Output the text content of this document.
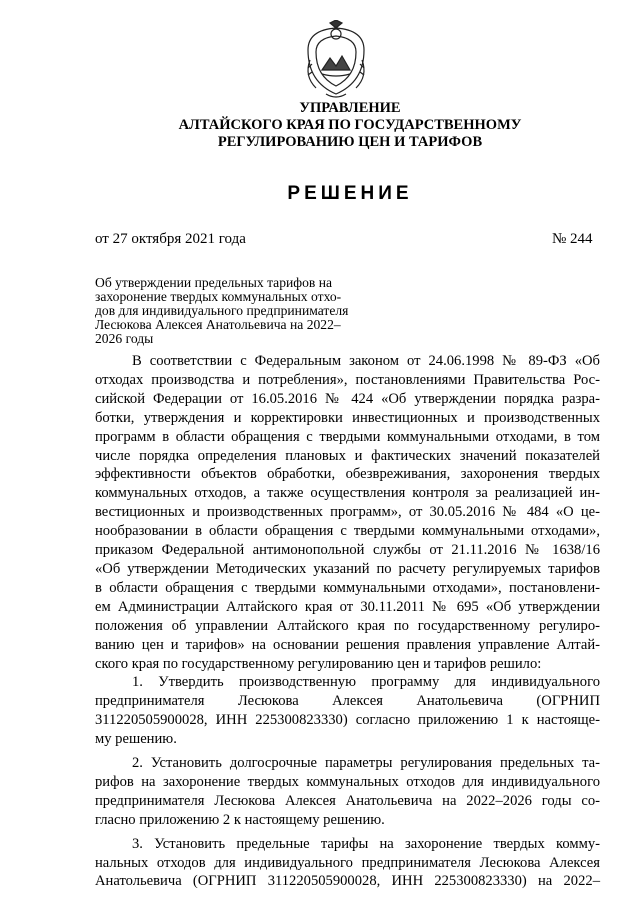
УПРАВЛЕНИЕ
АЛТАЙСКОГО КРАЯ ПО ГОСУДАРСТВЕННОМУ
РЕГУЛИРОВАНИЮ ЦЕН И ТАРИФОВ
РЕШЕНИЕ
от 27 октября 2021 года	№ 244
Об утверждении предельных тарифов на
захоронение твердых коммунальных отхо-
дов для индивидуального предпринимателя
Лесюкова Алексея Анатольевича на 2022–
2026 годы
В соответствии с Федеральным законом от 24.06.1998 № 89-ФЗ «Об
отходах производства и потребления», постановлениями Правительства Рос-
сийской Федерации от 16.05.2016 № 424 «Об утверждении порядка разра-
ботки, утверждения и корректировки инвестиционных и производственных
программ в области обращения с твердыми коммунальными отходами, в том
числе порядка определения плановых и фактических значений показателей
эффективности объектов обработки, обезвреживания, захоронения твердых
коммунальных отходов, а также осуществления контроля за реализацией ин-
вестиционных и производственных программ», от 30.05.2016 № 484 «О це-
нообразовании в области обращения с твердыми коммунальными отходами»,
приказом Федеральной антимонопольной службы от 21.11.2016 № 1638/16
«Об утверждении Методических указаний по расчету регулируемых тарифов
в области обращения с твердыми коммунальными отходами», постановлени-
ем Администрации Алтайского края от 30.11.2011 № 695 «Об утверждении
положения об управлении Алтайского края по государственному регулиро-
ванию цен и тарифов» на основании решения правления управление Алтай-
ского края по государственному регулированию цен и тарифов решило:
1. Утвердить производственную программу для индивидуального
предпринимателя Лесюкова Алексея Анатольевича (ОГРНИП
311220505900028, ИНН 225300823330) согласно приложению 1 к настояще-
му решению.
2. Установить долгосрочные параметры регулирования предельных та-
рифов на захоронение твердых коммунальных отходов для индивидуального
предпринимателя Лесюкова Алексея Анатольевича на 2022–2026 годы со-
гласно приложению 2 к настоящему решению.
3. Установить предельные тарифы на захоронение твердых комму-
нальных отходов для индивидуального предпринимателя Лесюкова Алексея
Анатольевича (ОГРНИП 311220505900028, ИНН 225300823330) на 2022–
